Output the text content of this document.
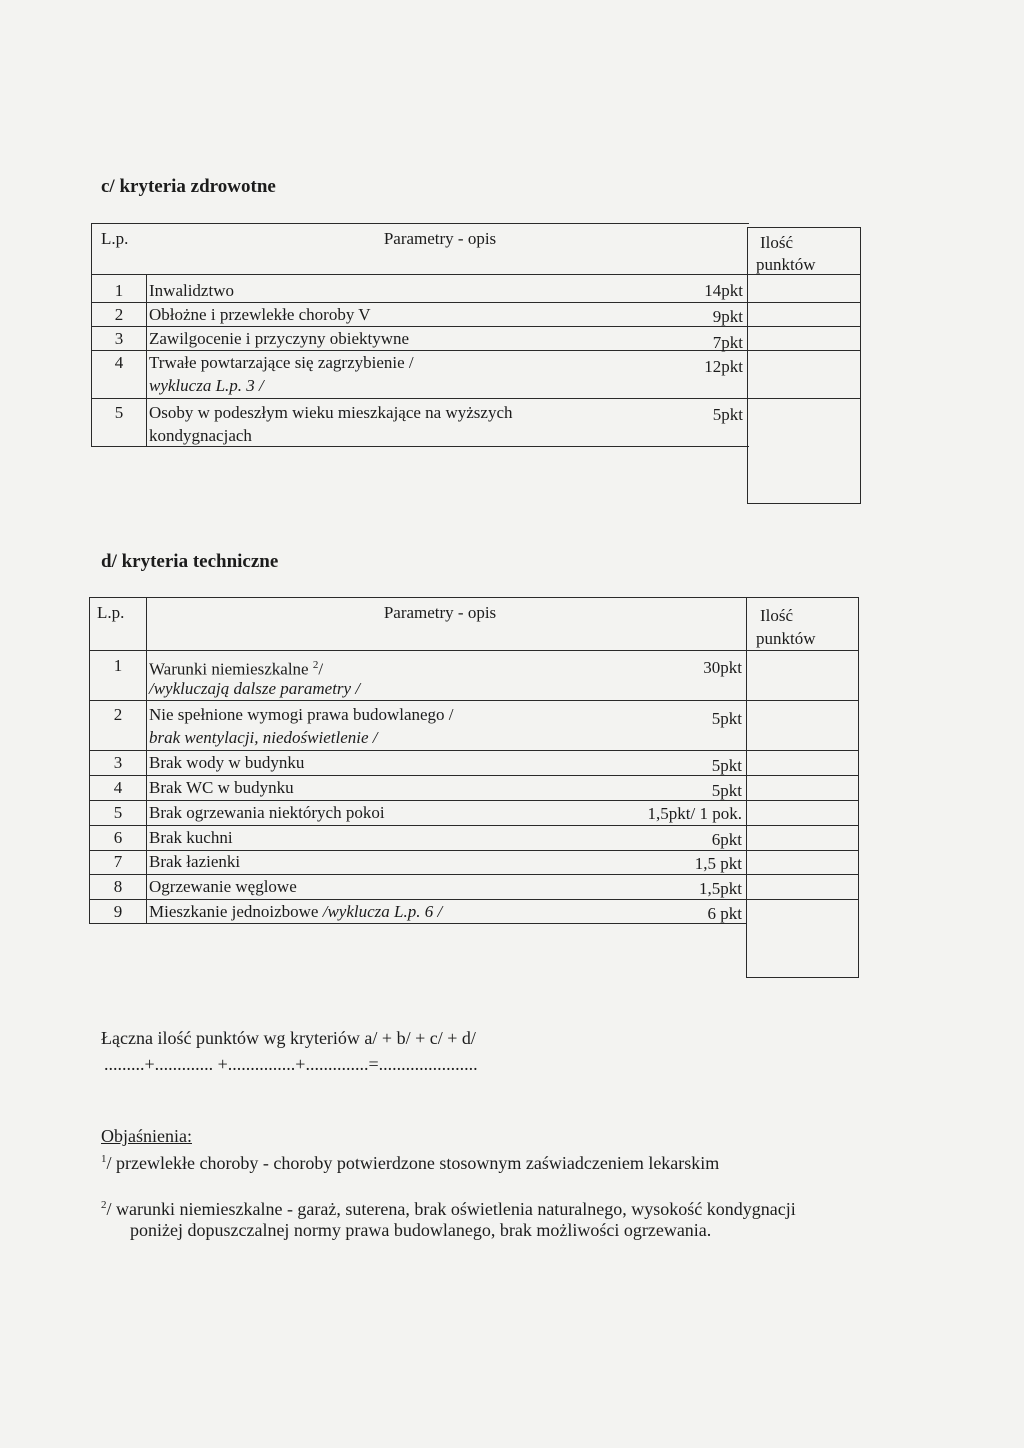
c/ kryteria zdrowotne
L.p.	Parametry - opis	Ilość
punktów
1	Inwalidztwo	14pkt
2	Obłożne i przewlekłe choroby V	9pkt
3	Zawilgocenie i przyczyny obiektywne	7pkt
4	Trwałe powtarzające się zagrzybienie /
wyklucza L.p. 3 /
12pkt
5	Osoby w podeszłym wieku mieszkające na wyższych
kondygnacjach
5pkt
d/ kryteria techniczne
L.p.	Parametry - opis	Ilość
punktów
1	Warunki niemieszkalne $^2$/
/wykluczają dalsze parametry /
30pkt
2	Nie spełnione wymogi prawa budowlanego /
brak wentylacji, niedoświetlenie /
5pkt
3	Brak wody w budynku	5pkt
4	Brak WC w budynku	5pkt
5	Brak ogrzewania niektórych pokoi	1,5pkt/ 1 pok.
6	Brak kuchni	6pkt
7	Brak łazienki	1,5 pkt
8	Ogrzewanie węglowe	1,5pkt
9	Mieszkanie jednoizbowe /wyklucza L.p. 6 /	6 pkt
Łączna ilość punktów wg kryteriów a/ + b/ + c/ + d/
.........+............. +...............+..............=......................
Objaśnienia:
$^1$/ przewlekłe choroby - choroby potwierdzone stosownym zaświadczeniem lekarskim
$^2$/ warunki niemieszkalne - garaż, suterena, brak oświetlenia naturalnego, wysokość kondygnacji
poniżej dopuszczalnej normy prawa budowlanego, brak możliwości ogrzewania.
